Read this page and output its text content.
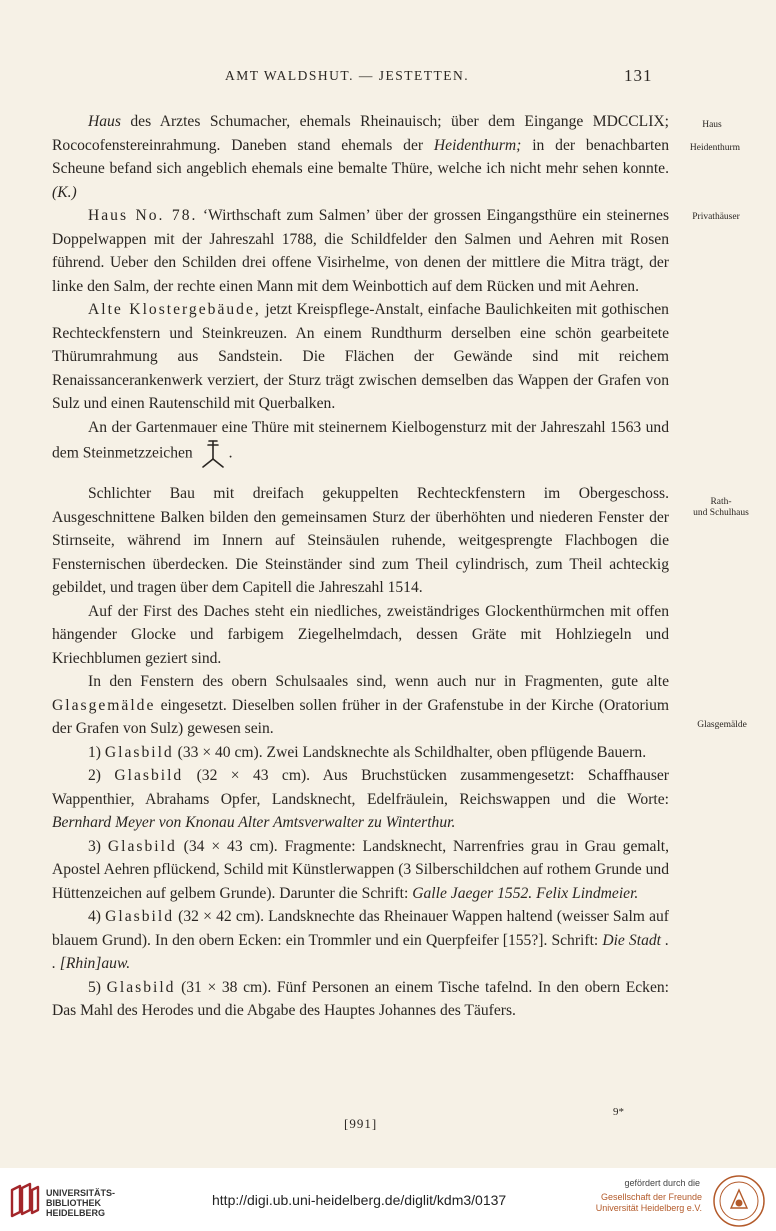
AMT WALDSHUT. — JESTETTEN.	131
Haus
Heidenthurm
Privathäuser
Rath-
und Schulhaus
Glasgemälde

Haus des Arztes Schumacher, ehemals Rheinauisch; über dem Eingange MDCCLIX; Rococofenstereinrahmung. Daneben stand ehemals der Heidenthurm; in der benachbarten Scheune befand sich angeblich ehemals eine bemalte Thüre, welche ich nicht mehr sehen konnte. (K.)

Haus No. 78. ‘Wirthschaft zum Salmen’ über der grossen Eingangsthüre ein steinernes Doppelwappen mit der Jahreszahl 1788, die Schildfelder den Salmen und Aehren mit Rosen führend. Ueber den Schilden drei offene Visirhelme, von denen der mittlere die Mitra trägt, der linke den Salm, der rechte einen Mann mit dem Weinbottich auf dem Rücken und mit Aehren.

Alte Klostergebäude, jetzt Kreispflege-Anstalt, einfache Baulichkeiten mit gothischen Rechteckfenstern und Steinkreuzen. An einem Rundthurm derselben eine schön gearbeitete Thürumrahmung aus Sandstein. Die Flächen der Gewände sind mit reichem Renaissancerankenwerk verziert, der Sturz trägt zwischen demselben das Wappen der Grafen von Sulz und einen Rautenschild mit Querbalken.

An der Gartenmauer eine Thüre mit steinernem Kielbogensturz mit der Jahreszahl 1563 und dem Steinmetzzeichen .

Schlichter Bau mit dreifach gekuppelten Rechteckfenstern im Obergeschoss. Ausgeschnittene Balken bilden den gemeinsamen Sturz der überhöhten und niederen Fenster der Stirnseite, während im Innern auf Steinsäulen ruhende, weitgesprengte Flachbogen die Fensternischen überdecken. Die Steinständer sind zum Theil cylindrisch, zum Theil achteckig gebildet, und tragen über dem Capitell die Jahreszahl 1514.

Auf der First des Daches steht ein niedliches, zweiständriges Glockenthürmchen mit offen hängender Glocke und farbigem Ziegelhelmdach, dessen Gräte mit Hohlziegeln und Kriechblumen geziert sind.

In den Fenstern des obern Schulsaales sind, wenn auch nur in Fragmenten, gute alte Glasgemälde eingesetzt. Dieselben sollen früher in der Grafenstube in der Kirche (Oratorium der Grafen von Sulz) gewesen sein.

1) Glasbild (33 × 40 cm). Zwei Landsknechte als Schildhalter, oben pflügende Bauern.

2) Glasbild (32 × 43 cm). Aus Bruchstücken zusammengesetzt: Schaffhauser Wappenthier, Abrahams Opfer, Landsknecht, Edelfräulein, Reichswappen und die Worte: Bernhard Meyer von Knonau Alter Amtsverwalter zu Winterthur.

3) Glasbild (34 × 43 cm). Fragmente: Landsknecht, Narrenfries grau in Grau gemalt, Apostel Aehren pflückend, Schild mit Künstlerwappen (3 Silberschildchen auf rothem Grunde und Hüttenzeichen auf gelbem Grunde). Darunter die Schrift: Galle Jaeger 1552. Felix Lindmeier.

4) Glasbild (32 × 42 cm). Landsknechte das Rheinauer Wappen haltend (weisser Salm auf blauem Grund). In den obern Ecken: ein Trommler und ein Querpfeifer [155?]. Schrift: Die Stadt . . [Rhin]auw.

5) Glasbild (31 × 38 cm). Fünf Personen an einem Tische tafelnd. In den obern Ecken: Das Mahl des Herodes und die Abgabe des Hauptes Johannes des Täufers.

9*
[991]
UNIVERSITÄTS-
BIBLIOTHEK
HEIDELBERG
http://digi.ub.uni-heidelberg.de/diglit/kdm3/0137
gefördert durch die
Gesellschaft der Freunde
Universität Heidelberg e.V.
